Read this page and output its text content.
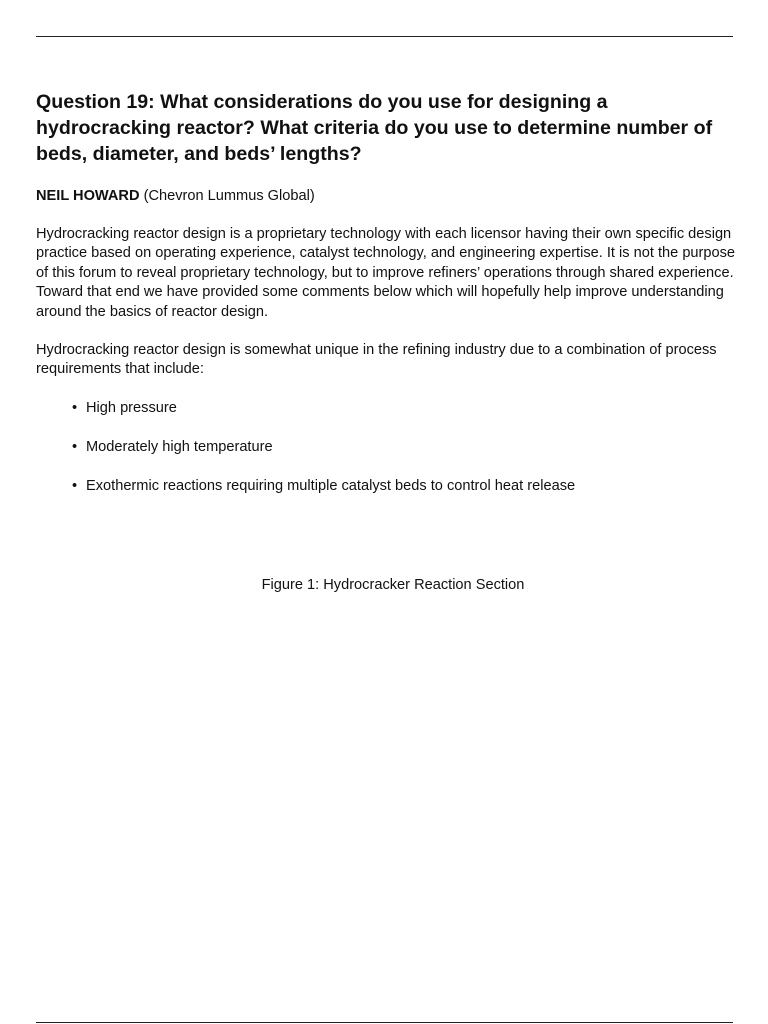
Question 19: What considerations do you use for designing a hydrocracking reactor? What criteria do you use to determine number of beds, diameter, and beds’ lengths?

NEIL HOWARD (Chevron Lummus Global)

Hydrocracking reactor design is a proprietary technology with each licensor having their own specific design practice based on operating experience, catalyst technology, and engineering expertise. It is not the purpose of this forum to reveal proprietary technology, but to improve refiners’ operations through shared experience. Toward that end we have provided some comments below which will hopefully help improve understanding around the basics of reactor design.

Hydrocracking reactor design is somewhat unique in the refining industry due to a combination of process requirements that include:

• High pressure
• Moderately high temperature
• Exothermic reactions requiring multiple catalyst beds to control heat release
Figure 1: Hydrocracker Reaction Section
